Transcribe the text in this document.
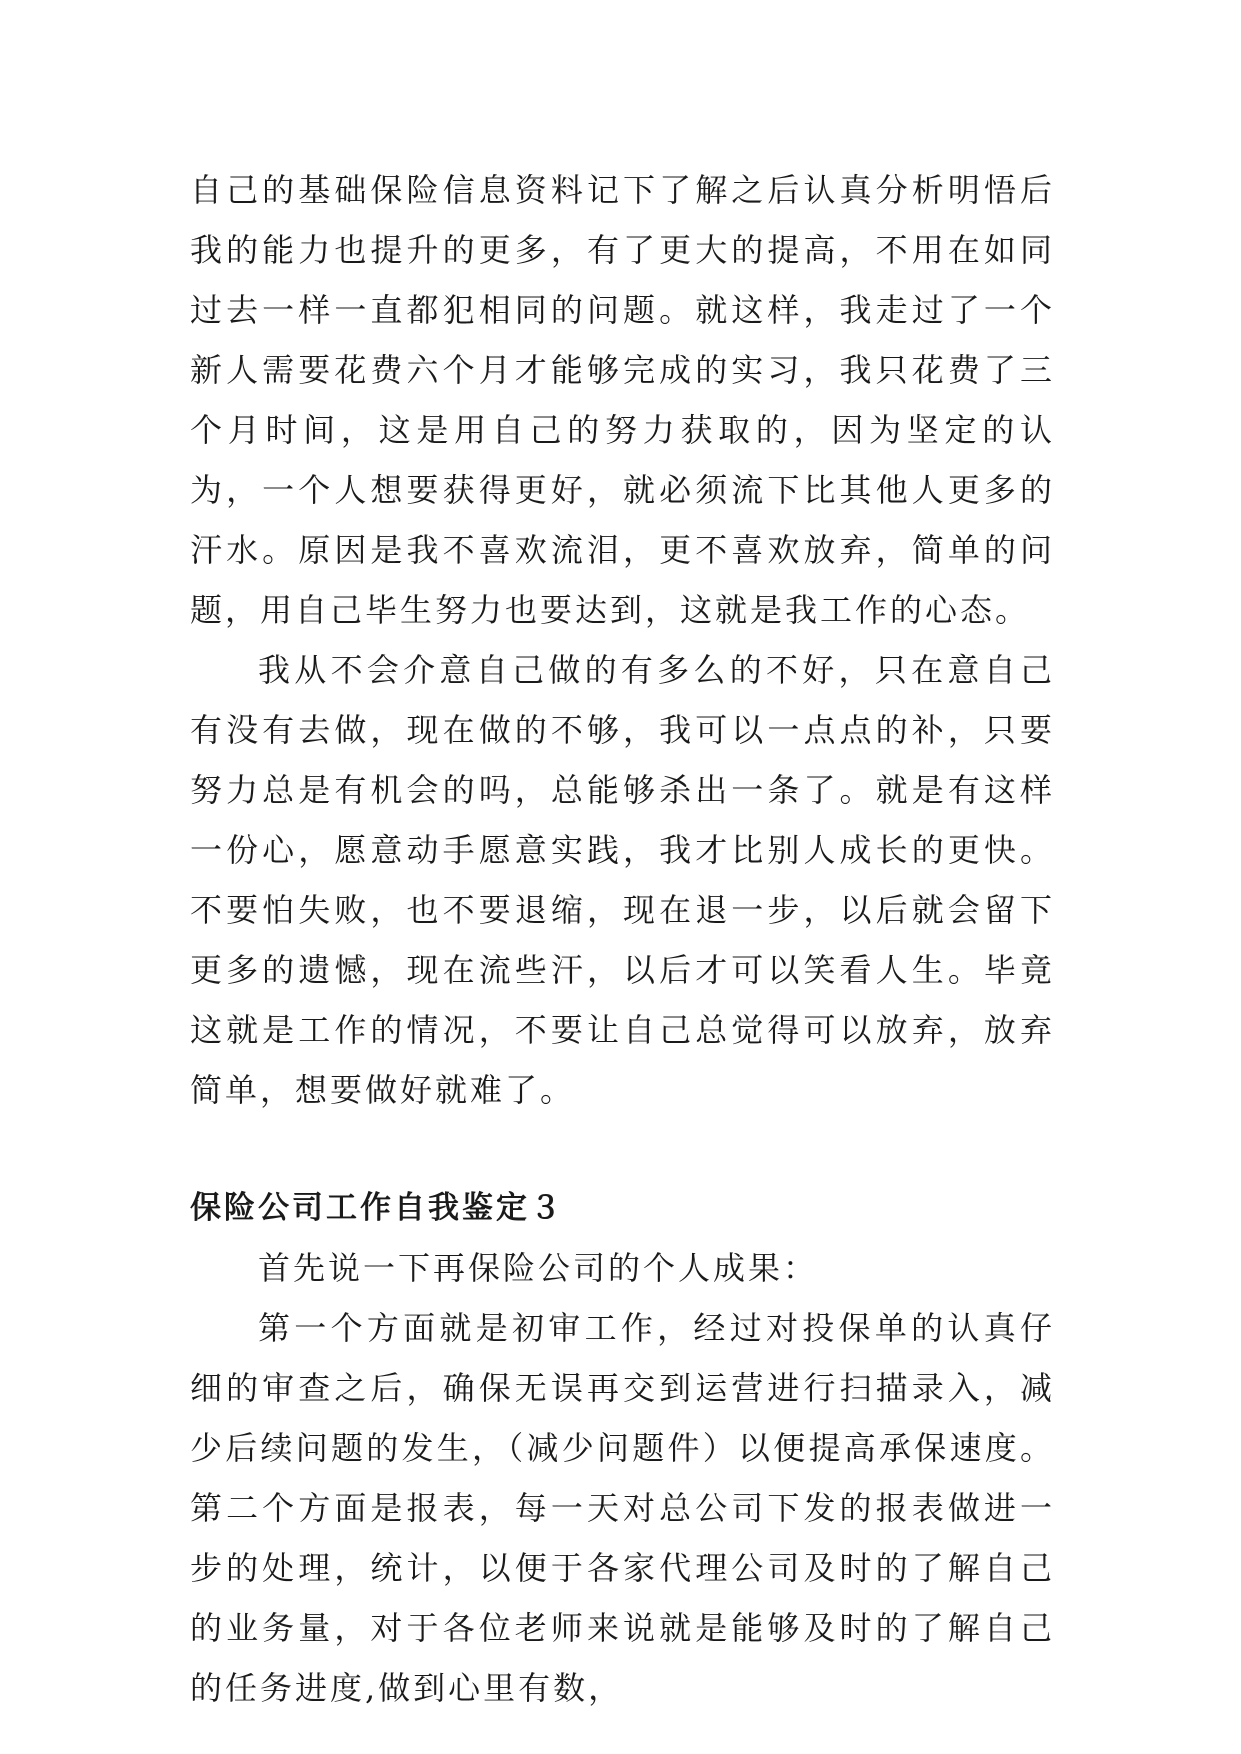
自己的基础保险信息资料记下了解之后认真分析明悟后我的能力也提升的更多，有了更大的提高，不用在如同过去一样一直都犯相同的问题。就这样，我走过了一个新人需要花费六个月才能够完成的实习，我只花费了三个月时间，这是用自己的努力获取的，因为坚定的认为，一个人想要获得更好，就必须流下比其他人更多的汗水。原因是我不喜欢流泪，更不喜欢放弃，简单的问题，用自己毕生努力也要达到，这就是我工作的心态。

我从不会介意自己做的有多么的不好，只在意自己有没有去做，现在做的不够，我可以一点点的补，只要努力总是有机会的吗，总能够杀出一条了。就是有这样一份心，愿意动手愿意实践，我才比别人成长的更快。不要怕失败，也不要退缩，现在退一步，以后就会留下更多的遗憾，现在流些汗，以后才可以笑看人生。毕竟这就是工作的情况，不要让自己总觉得可以放弃，放弃简单，想要做好就难了。

保险公司工作自我鉴定３

首先说一下再保险公司的个人成果：

第一个方面就是初审工作，经过对投保单的认真仔细的审查之后，确保无误再交到运营进行扫描录入，减少后续问题的发生，（减少问题件）以便提高承保速度。第二个方面是报表，每一天对总公司下发的报表做进一步的处理，统计，以便于各家代理公司及时的了解自己的业务量，对于各位老师来说就是能够及时的了解自己的任务进度,做到心里有数，
